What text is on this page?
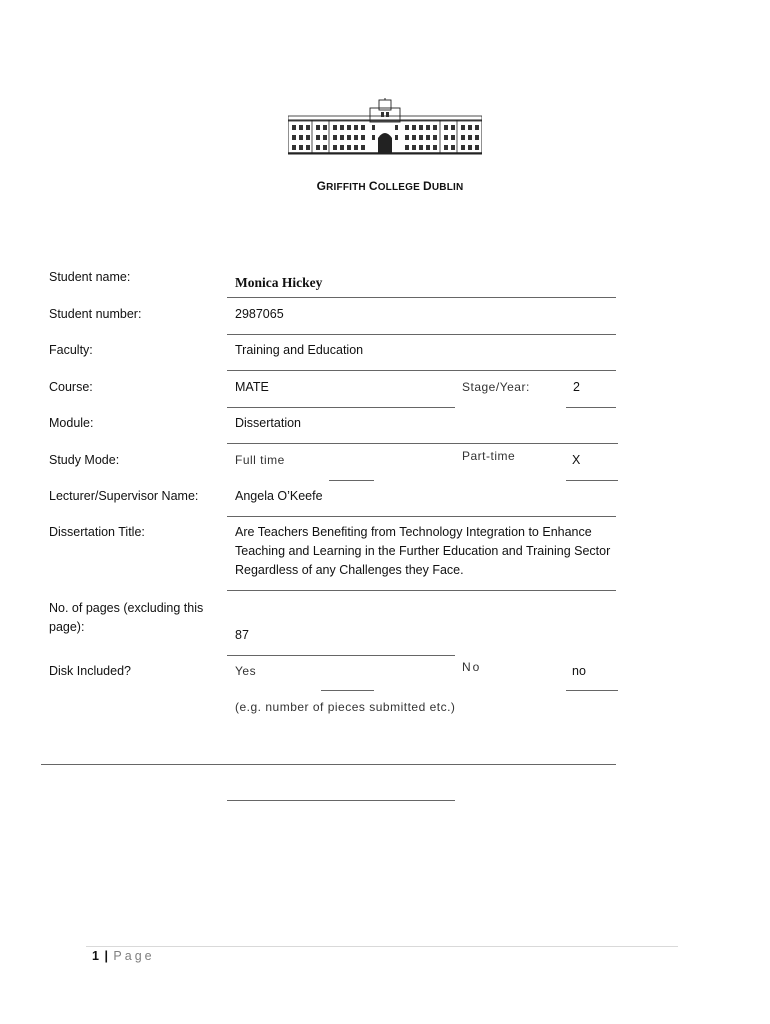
GRIFFITH COLLEGE DUBLIN
Student name:	Monica Hickey
Student number:	2987065
Faculty:	Training and Education
Course:	MATE	Stage/Year:	2
Module:	Dissertation
Study Mode:	Full time	Part-time	X
Lecturer/Supervisor Name:	Angela O’Keefe
Dissertation Title:	Are Teachers Benefiting from Technology Integration to Enhance Teaching and Learning in the Further Education and Training Sector Regardless of any Challenges they Face.
No. of pages (excluding this page):
87
Disk Included?	Yes	No	no
(e.g. number of pieces submitted etc.)
1 | Page
